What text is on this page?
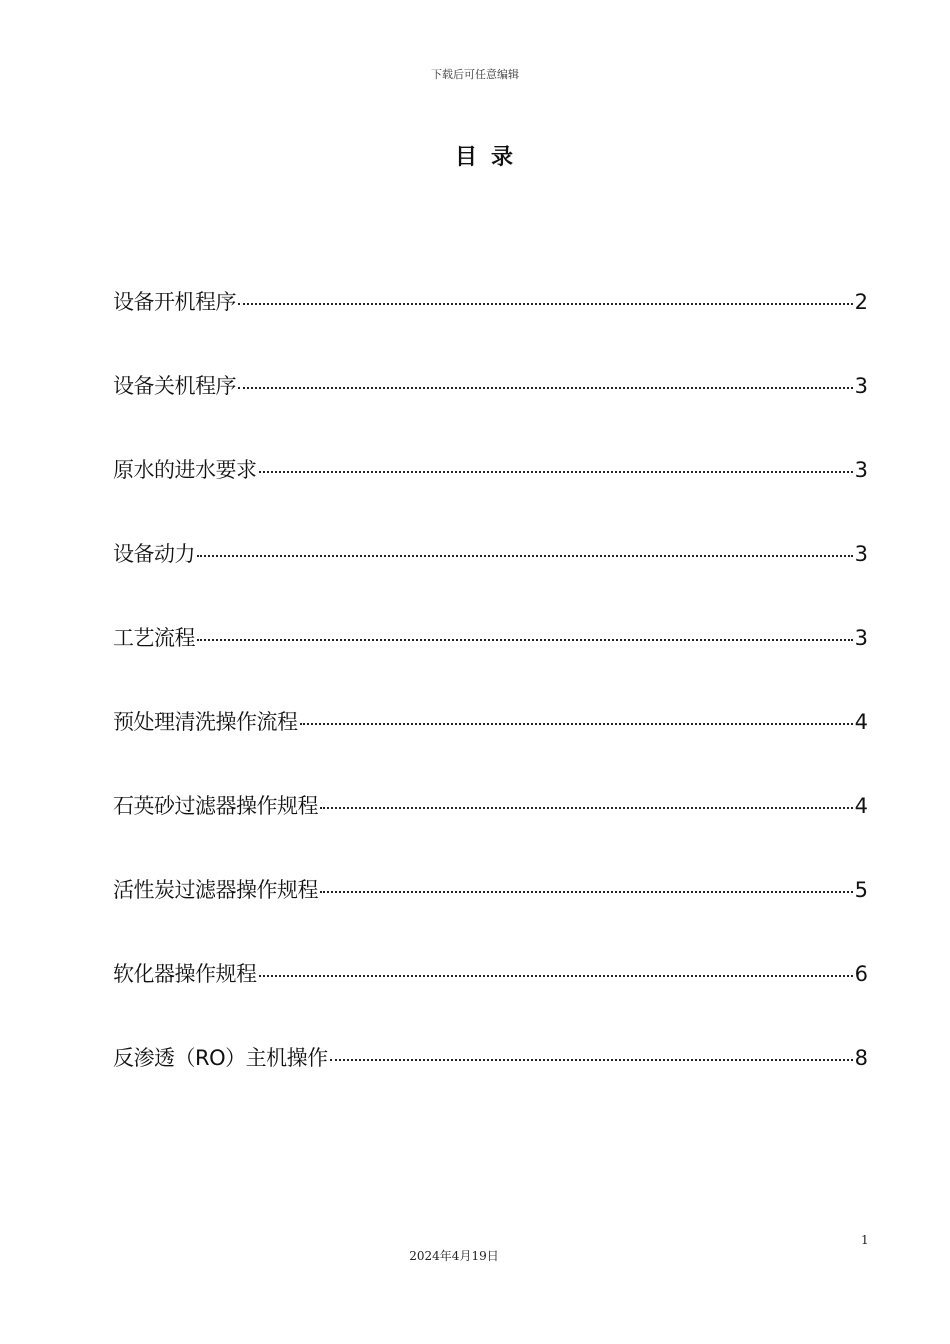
下载后可任意编辑
目录
设备开机程序	2
设备关机程序	3
原水的进水要求	3
设备动力	3
工艺流程	3
预处理清洗操作流程	4
石英砂过滤器操作规程	4
活性炭过滤器操作规程	5
软化器操作规程	6
反渗透（RO）主机操作	8
1
2024年4月19日
